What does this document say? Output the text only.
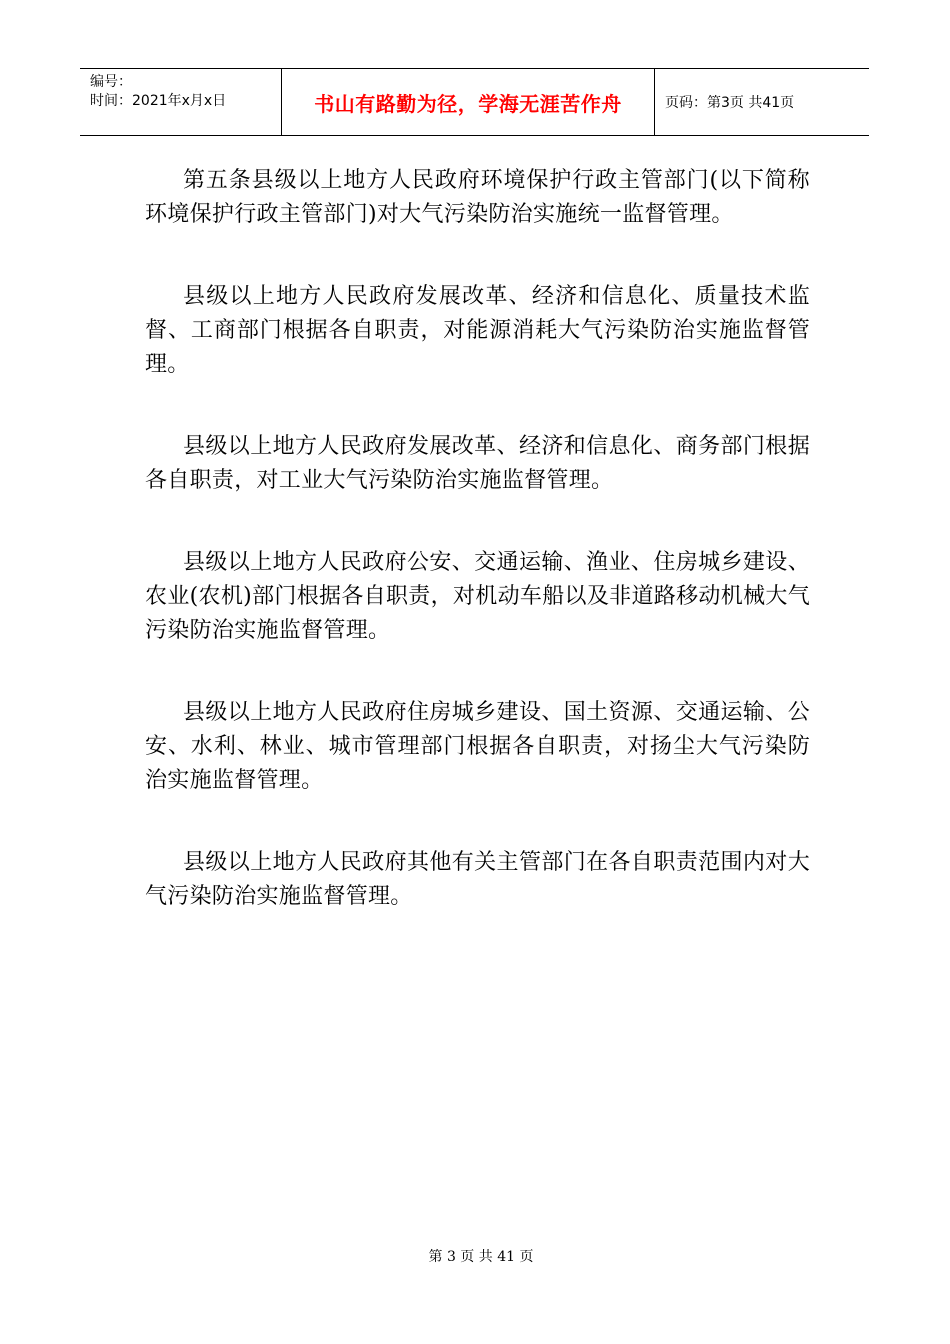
编号：
时间：2021年x月x日	书山有路勤为径，学海无涯苦作舟	页码：第3页 共41页

第五条县级以上地方人民政府环境保护行政主管部门(以下简称环境保护行政主管部门)对大气污染防治实施统一监督管理。

县级以上地方人民政府发展改革、经济和信息化、质量技术监督、工商部门根据各自职责，对能源消耗大气污染防治实施监督管理。

县级以上地方人民政府发展改革、经济和信息化、商务部门根据各自职责，对工业大气污染防治实施监督管理。

县级以上地方人民政府公安、交通运输、渔业、住房城乡建设、农业(农机)部门根据各自职责，对机动车船以及非道路移动机械大气污染防治实施监督管理。

县级以上地方人民政府住房城乡建设、国土资源、交通运输、公安、水利、林业、城市管理部门根据各自职责，对扬尘大气污染防治实施监督管理。

县级以上地方人民政府其他有关主管部门在各自职责范围内对大气污染防治实施监督管理。

第 3 页 共 41 页
